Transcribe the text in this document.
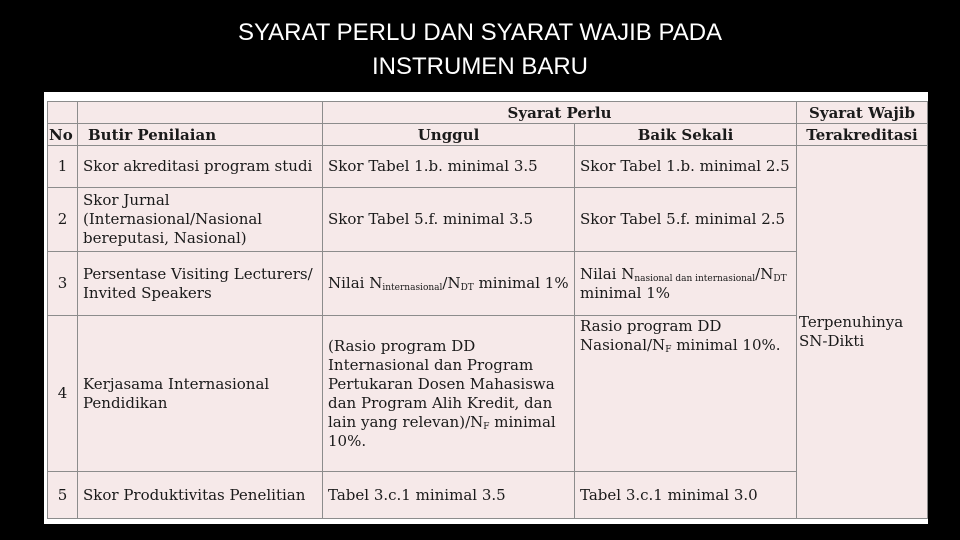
SYARAT PERLU DAN SYARAT WAJIB PADA
INSTRUMEN BARU
		Syarat Perlu		Syarat Wajib
No	Butir Penilaian	Unggul	Baik Sekali	Terakreditasi
1	Skor akreditasi program studi	Skor Tabel 1.b. minimal 3.5	Skor Tabel 1.b. minimal 2.5	Terpenuhinya SN-Dikti
2	Skor Jurnal (Internasional/Nasional bereputasi, Nasional)	Skor Tabel 5.f. minimal 3.5	Skor Tabel 5.f. minimal 2.5	
3	Persentase Visiting Lecturers/ Invited Speakers	Nilai $N_{internasional}/N_{DT}$ minimal 1%	Nilai $N_{nasional dan internasional}/N_{DT}$ minimal 1%	
4	Kerjasama Internasional Pendidikan	(Rasio program DD Internasional dan Program Pertukaran Dosen Mahasiswa dan Program Alih Kredit, dan lain yang $relevan)/N_F$ minimal 10%.	Rasio program DD Nasional/$N_F$ minimal 10%.	
5	Skor Produktivitas Penelitian	Tabel 3.c.1 minimal 3.5	Tabel 3.c.1 minimal 3.0	
